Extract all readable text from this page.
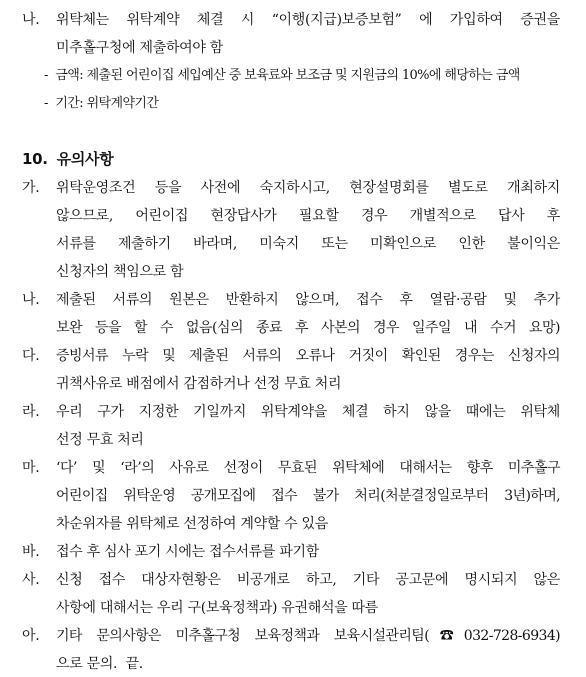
나. 위탁체는 위탁계약 체결 시 “이행(지급)보증보험” 에 가입하여 증권을
미추홀구청에 제출하여야 함
- 금액: 제출된 어린이집 세입예산 중 보육료와 보조금 및 지원금의 10%에 해당하는 금액
- 기간: 위탁계약기간
10. 유의사항
가. 위탁운영조건 등을 사전에 숙지하시고, 현장설명회를 별도로 개최하지
않으므로, 어린이집 현장답사가 필요할 경우 개별적으로 답사 후
서류를 제출하기 바라며, 미숙지 또는 미확인으로 인한 불이익은
신청자의 책임으로 함
나. 제출된 서류의 원본은 반환하지 않으며, 접수 후 열람·공람 및 추가
보완 등을 할 수 없음(심의 종료 후 사본의 경우 일주일 내 수거 요망)
다. 증빙서류 누락 및 제출된 서류의 오류나 거짓이 확인된 경우는 신청자의
귀책사유로 배점에서 감점하거나 선정 무효 처리
라. 우리 구가 지정한 기일까지 위탁계약을 체결 하지 않을 때에는 위탁체
선정 무효 처리
마. ‘다’ 및 ‘라’의 사유로 선정이 무효된 위탁체에 대해서는 향후 미추홀구
어린이집 위탁운영 공개모집에 접수 불가 처리(처분결정일로부터 3년)하며,
차순위자를 위탁체로 선정하여 계약할 수 있음
바. 접수 후 심사 포기 시에는 접수서류를 파기함
사. 신청 접수 대상자현황은 비공개로 하고, 기타 공고문에 명시되지 않은
사항에 대해서는 우리 구(보육정책과) 유권해석을 따름
아. 기타 문의사항은 미추홀구청 보육정책과 보육시설관리팀(☎032-728-6934)
으로 문의.  끝.
